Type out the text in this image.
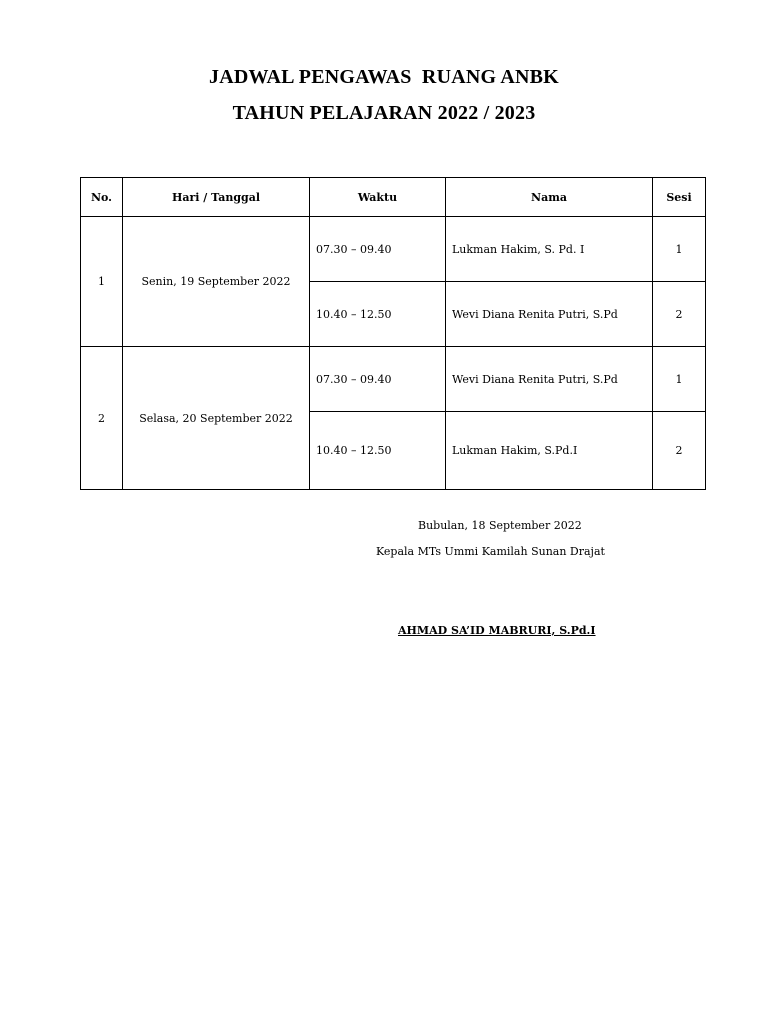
JADWAL PENGAWAS  RUANG ANBK
TAHUN PELAJARAN 2022 / 2023
No.	Hari / Tanggal	Waktu	Nama	Sesi
1	Senin, 19 September 2022	07.30 – 09.40	Lukman Hakim, S. Pd. I	1
		10.40 – 12.50	Wevi Diana Renita Putri, S.Pd	2
2	Selasa, 20 September 2022	07.30 – 09.40	Wevi Diana Renita Putri, S.Pd	1
		10.40 – 12.50	Lukman Hakim, S.Pd.I	2
Bubulan, 18 September 2022
Kepala MTs Ummi Kamilah Sunan Drajat
AHMAD SA’ID MABRURI, S.Pd.I
